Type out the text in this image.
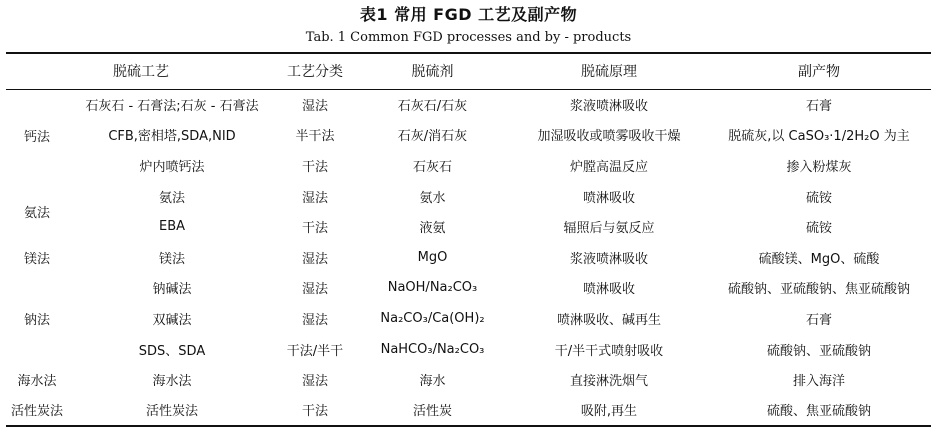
表1 常用 FGD 工艺及副产物
Tab. 1 Common FGD processes and by - products
脱硫工艺		工艺分类	脱硫剂	脱硫原理	副产物
钙法	石灰石 - 石膏法;石灰 - 石膏法	湿法	石灰石/石灰	浆液喷淋吸收	石膏
	CFB,密相塔,SDA,NID	半干法	石灰/消石灰	加湿吸收或喷雾吸收干燥	脱硫灰,以 CaSO₃·1/2H₂O 为主
	炉内喷钙法	干法	石灰石	炉膛高温反应	掺入粉煤灰
氨法	氨法	湿法	氨水	喷淋吸收	硫铵
	EBA	干法	液氨	辐照后与氨反应	硫铵
镁法	镁法	湿法	MgO	浆液喷淋吸收	硫酸镁、MgO、硫酸
钠法	钠碱法	湿法	NaOH/Na₂CO₃	喷淋吸收	硫酸钠、亚硫酸钠、焦亚硫酸钠
	双碱法	湿法	Na₂CO₃/Ca(OH)₂	喷淋吸收、碱再生	石膏
	SDS、SDA	干法/半干	NaHCO₃/Na₂CO₃	干/半干式喷射吸收	硫酸钠、亚硫酸钠
海水法	海水法	湿法	海水	直接淋洗烟气	排入海洋
活性炭法	活性炭法	干法	活性炭	吸附,再生	硫酸、焦亚硫酸钠
